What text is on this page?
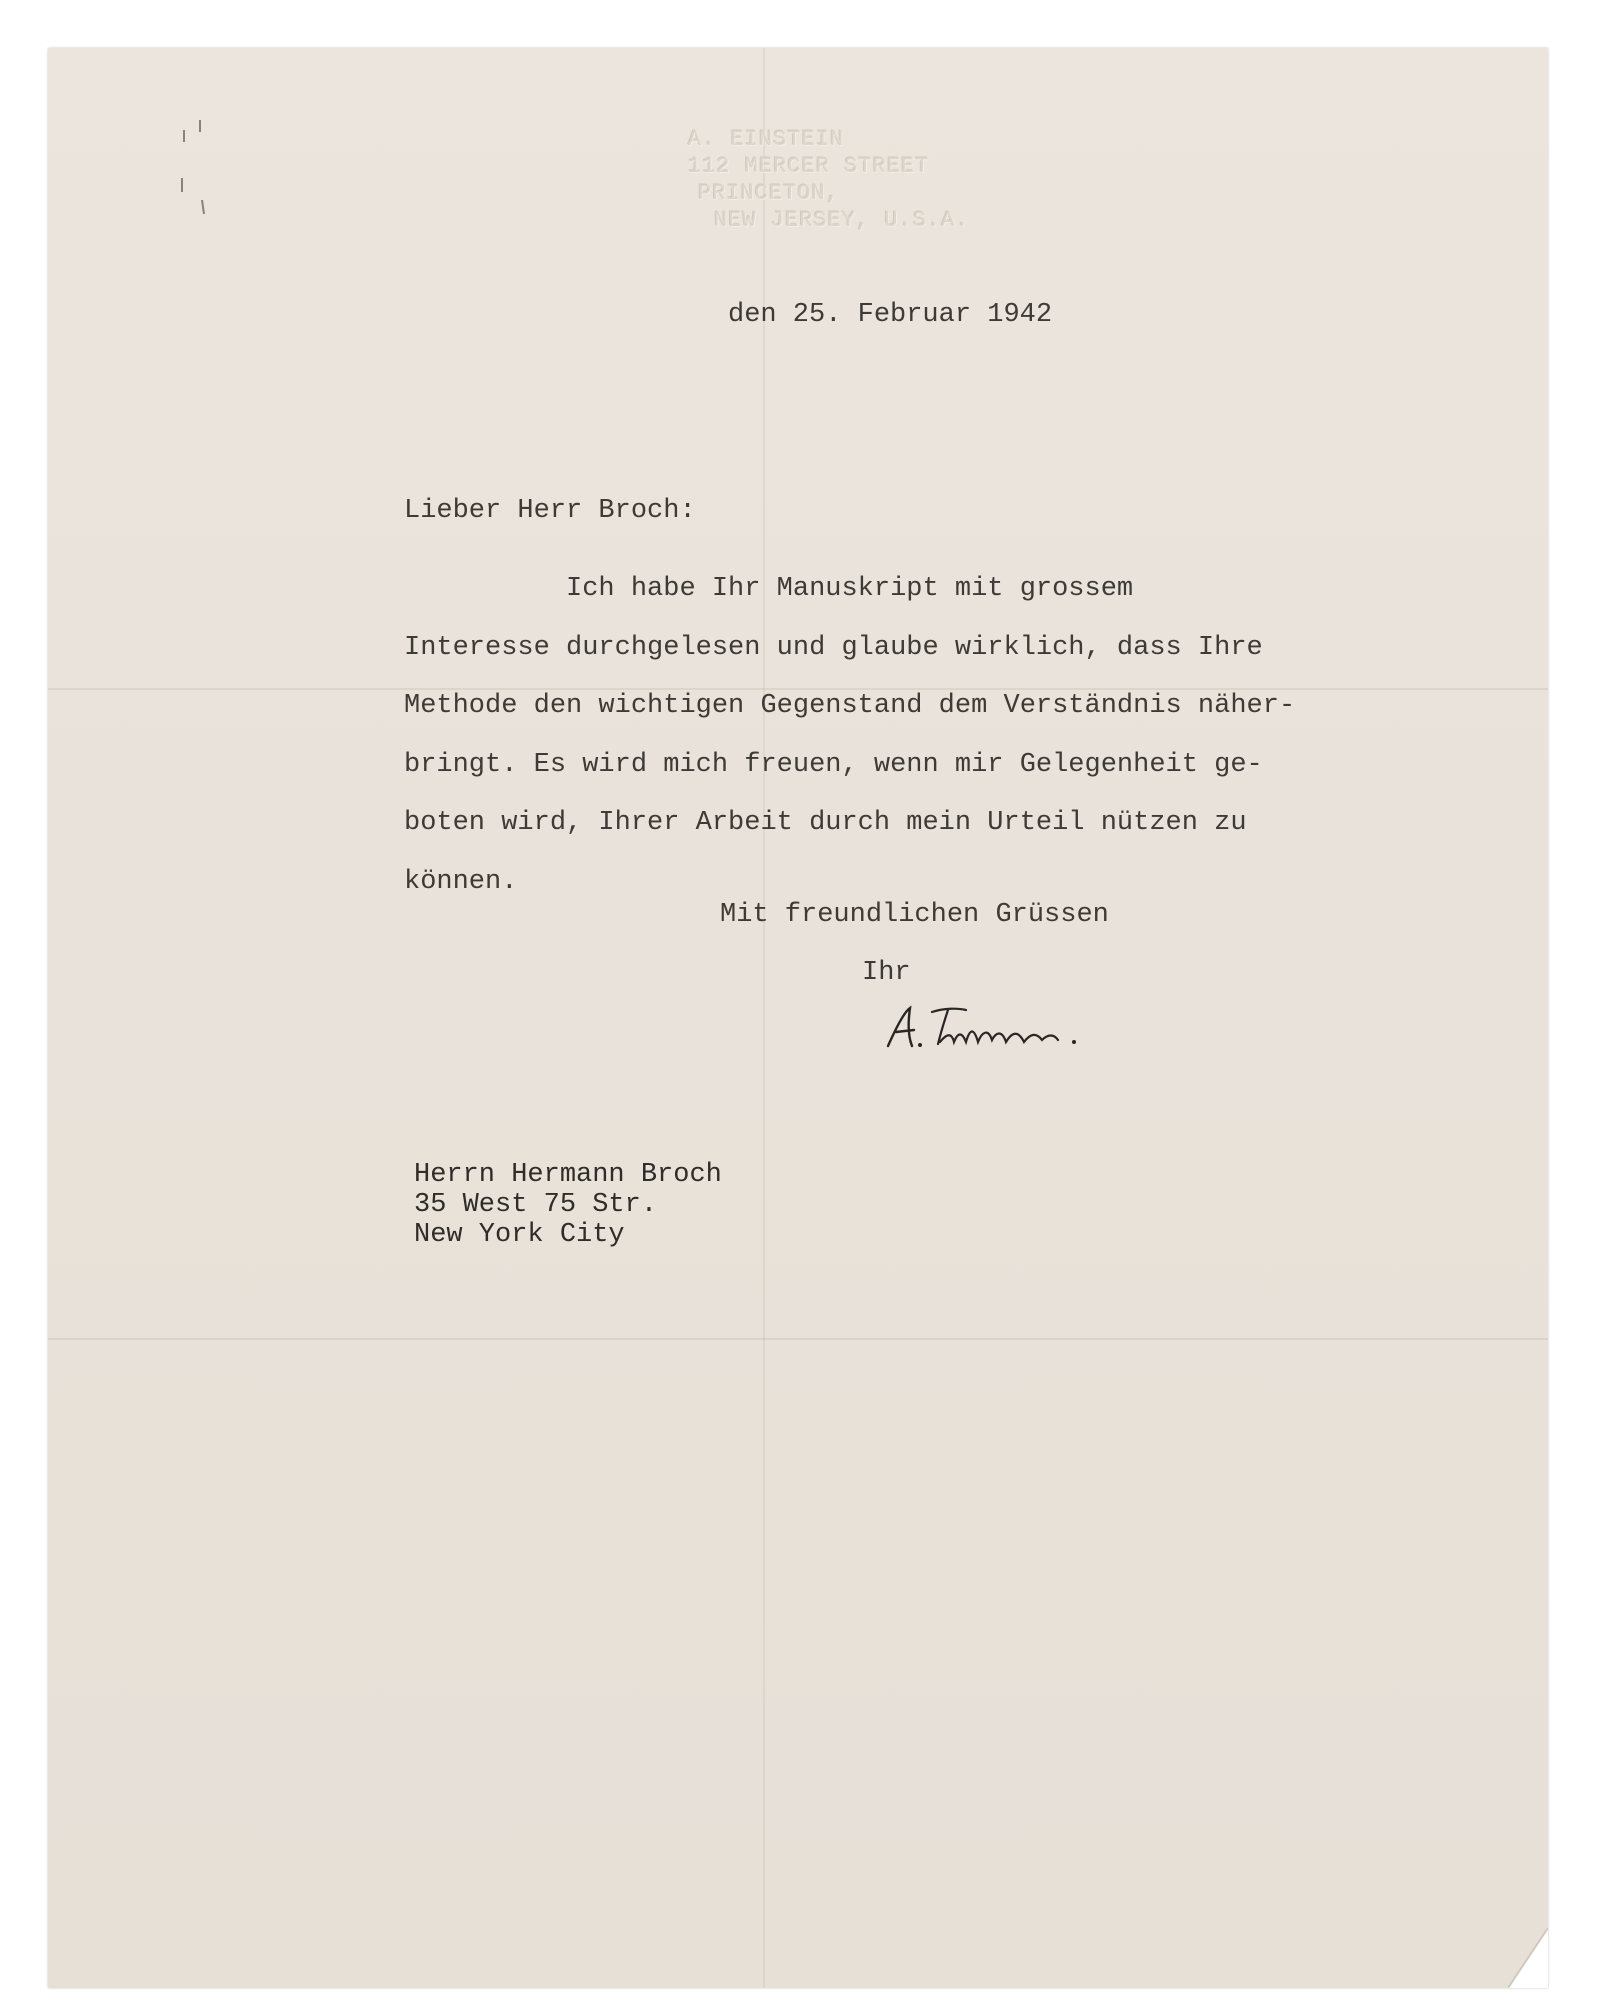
A. EINSTEIN
112 MERCER STREET
PRINCETON,
NEW JERSEY, U.S.A.
den 25. Februar 1942
Lieber Herr Broch:
Ich habe Ihr Manuskript mit grossem
Interesse durchgelesen und glaube wirklich, dass Ihre
Methode den wichtigen Gegenstand dem Verständnis näher-
bringt. Es wird mich freuen, wenn mir Gelegenheit ge-
boten wird, Ihrer Arbeit durch mein Urteil nützen zu
können.
Mit freundlichen Grüssen
Ihr
Herrn Hermann Broch
35 West 75 Str.
New York City
